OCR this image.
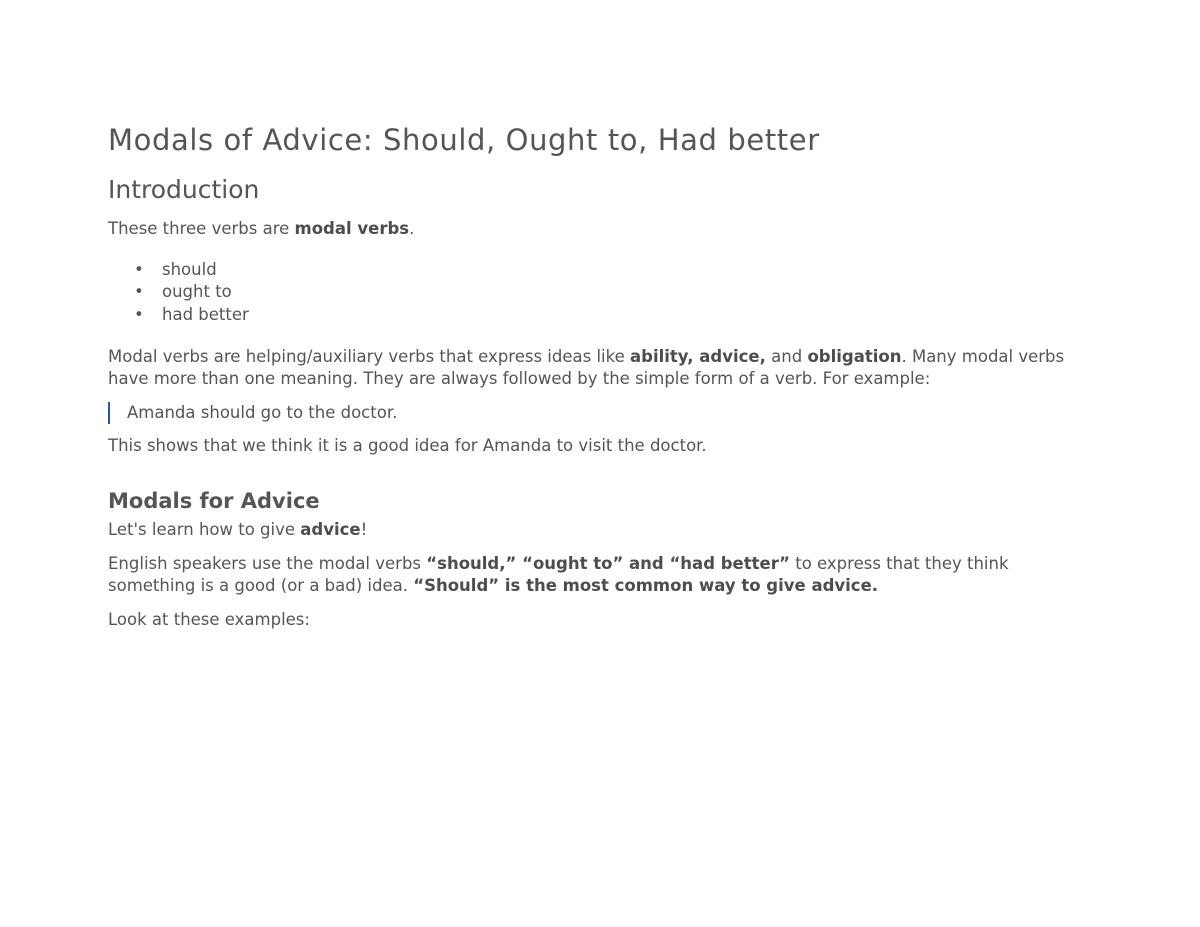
Modals of Advice: Should, Ought to, Had better
Introduction

These three verbs are modal verbs.

• should
• ought to
• had better

Modal verbs are helping/auxiliary verbs that express ideas like ability, advice, and obligation. Many modal verbs have more than one meaning. They are always followed by the simple form of a verb. For example:

Amanda should go to the doctor.

This shows that we think it is a good idea for Amanda to visit the doctor.

Modals for Advice

Let's learn how to give advice!

English speakers use the modal verbs “should,” “ought to” and “had better” to express that they think something is a good (or a bad) idea. “Should” is the most common way to give advice.

Look at these examples:
